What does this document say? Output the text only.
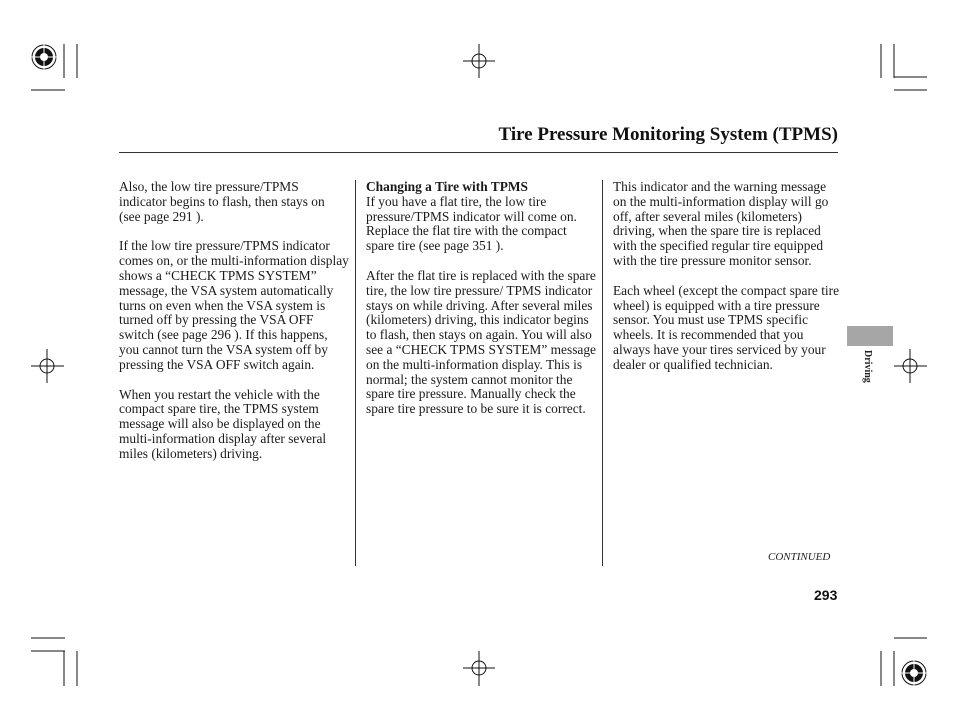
Tire Pressure Monitoring System (TPMS)

Also, the low tire pressure/TPMS indicator begins to flash, then stays on (see page 291 ).

If the low tire pressure/TPMS indicator comes on, or the multi-information display shows a “CHECK TPMS SYSTEM” message, the VSA system automatically turns on even when the VSA system is turned off by pressing the VSA OFF switch (see page 296 ). If this happens, you cannot turn the VSA system off by pressing the VSA OFF switch again.

When you restart the vehicle with the compact spare tire, the TPMS system message will also be displayed on the multi-information display after several miles (kilometers) driving.

Changing a Tire with TPMS
If you have a flat tire, the low tire pressure/TPMS indicator will come on. Replace the flat tire with the compact spare tire (see page 351 ).

After the flat tire is replaced with the spare tire, the low tire pressure/ TPMS indicator stays on while driving. After several miles (kilometers) driving, this indicator begins to flash, then stays on again. You will also see a “CHECK TPMS SYSTEM” message on the multi-information display. This is normal; the system cannot monitor the spare tire pressure. Manually check the spare tire pressure to be sure it is correct.

This indicator and the warning message on the multi-information display will go off, after several miles (kilometers) driving, when the spare tire is replaced with the specified regular tire equipped with the tire pressure monitor sensor.

Each wheel (except the compact spare tire wheel) is equipped with a tire pressure sensor. You must use TPMS specific wheels. It is recommended that you always have your tires serviced by your dealer or qualified technician.	Driving
CONTINUED
293
